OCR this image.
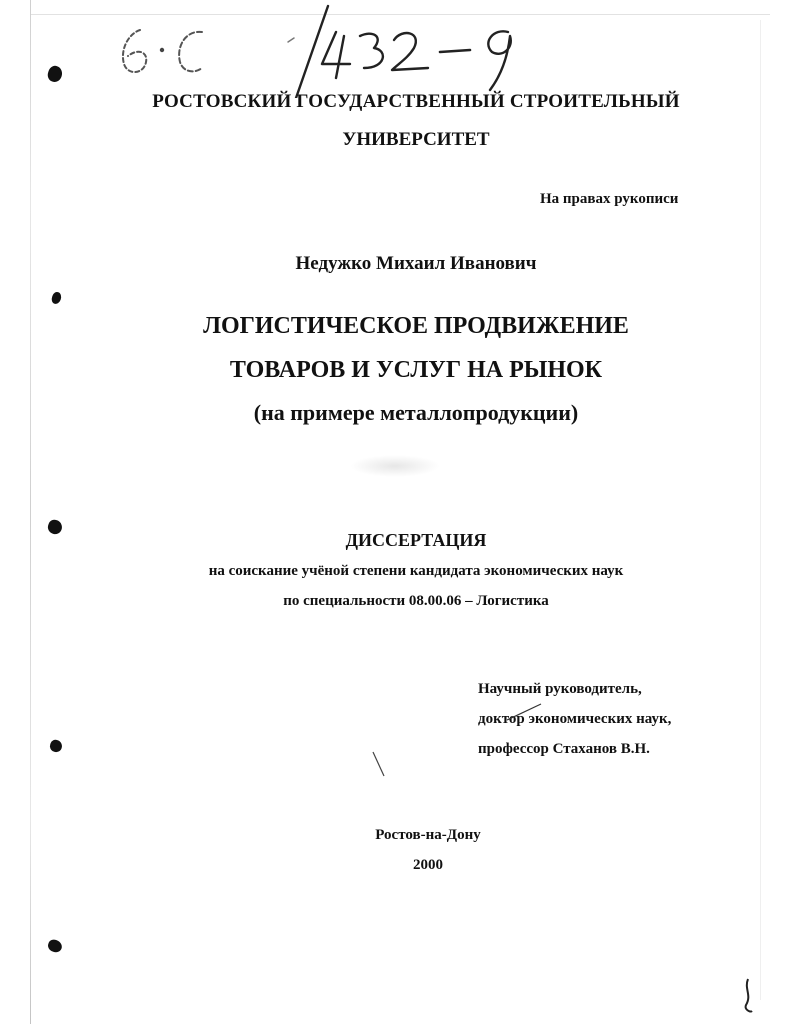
РОСТОВСКИЙ ГОСУДАРСТВЕННЫЙ СТРОИТЕЛЬНЫЙ
УНИВЕРСИТЕТ
На правах рукописи
Недужко Михаил Иванович
ЛОГИСТИЧЕСКОЕ ПРОДВИЖЕНИЕ
ТОВАРОВ И УСЛУГ НА РЫНОК
(на примере металлопродукции)
ДИССЕРТАЦИЯ
на соискание учёной степени кандидата экономических наук
по специальности 08.00.06 – Логистика
Научный руководитель,
доктор экономических наук,
профессор Стаханов В.Н.
Ростов-на-Дону
2000
